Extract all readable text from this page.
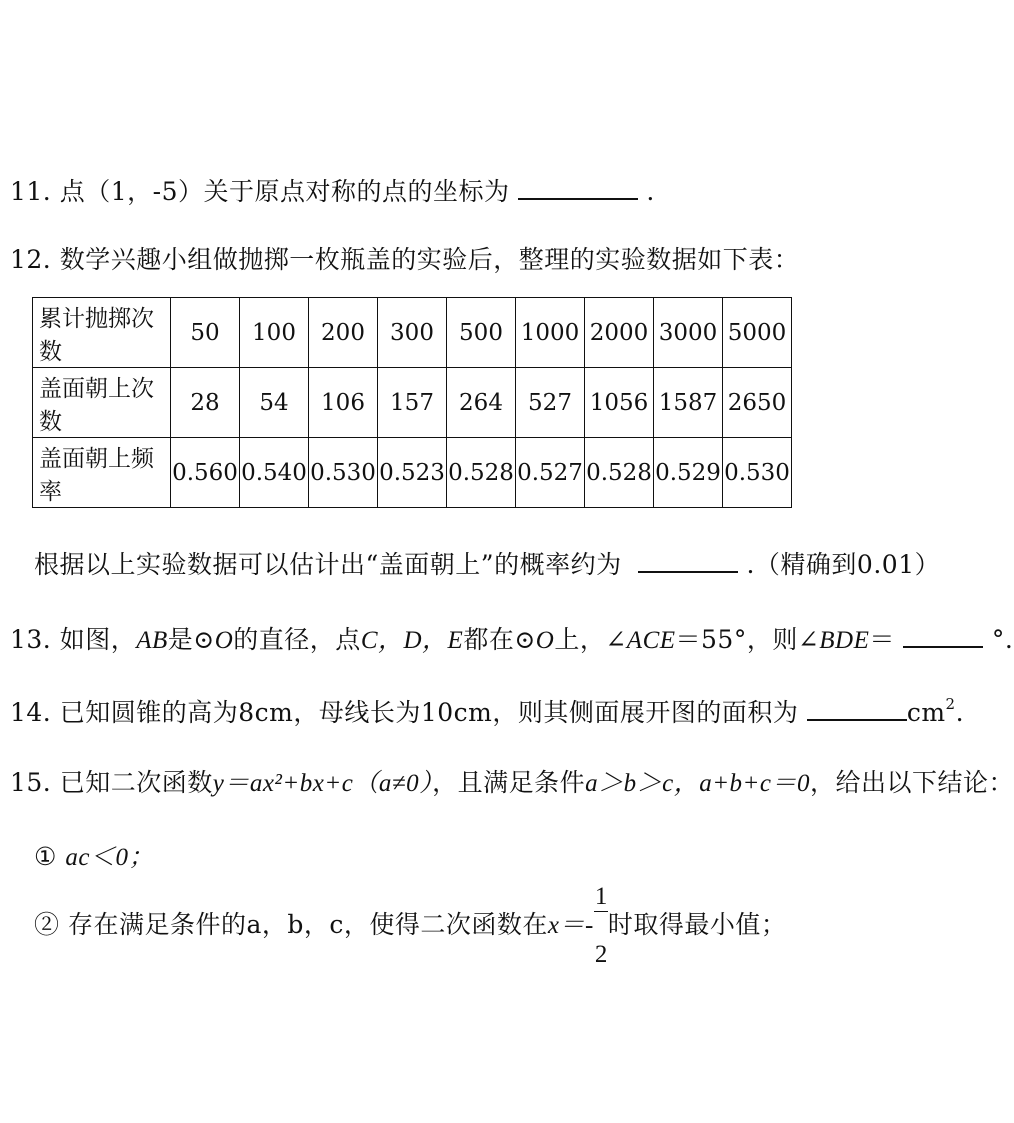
11. 点（1，-5）关于原点对称的点的坐标为	.
12. 数学兴趣小组做抛掷一枚瓶盖的实验后，整理的实验数据如下表：
累计抛掷次数	50	100	200	300	500	1000	2000	3000	5000
盖面朝上次数	28	54	106	157	264	527	1056	1587	2650
盖面朝上频率	0.560	0.540	0.530	0.523	0.528	0.527	0.528	0.529	0.530
根据以上实验数据可以估计出“盖面朝上”的概率约为	.（精确到0.01）
13. 如图，AB是⊙O的直径，点C，D，E都在⊙O上，∠ACE＝55°，则∠BDE＝	°.
14. 已知圆锥的高为8cm，母线长为10cm，则其侧面展开图的面积为	$cm^2$.
15. 已知二次函数y＝ax²+bx+c（a≠0），且满足条件a＞b＞c，a+b+c＝0，给出以下结论：
① ac＜0；
② 存在满足条件的a，b，c，使得二次函数在$x=- \frac{1}{2}$ 时取得最小值；
